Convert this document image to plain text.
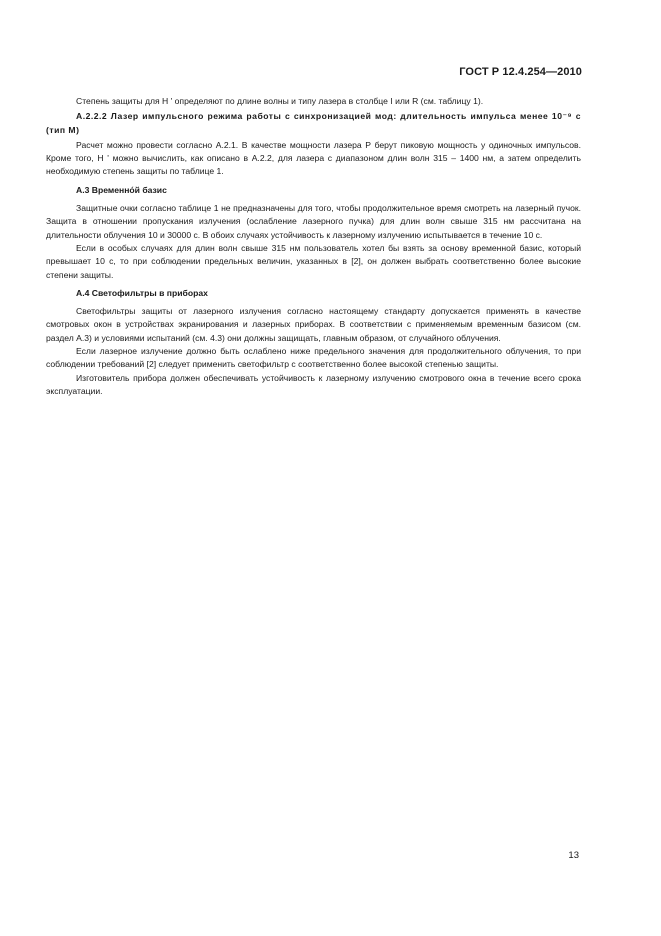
ГОСТ Р 12.4.254—2010

Степень защиты для Н ' определяют по длине волны и типу лазера в столбце I или R (см. таблицу 1).

А.2.2.2 Лазер импульсного режима работы с синхронизацией мод: длительность импульса менее 10⁻⁹ с (тип М)

Расчет можно провести согласно А.2.1. В качестве мощности лазера Р берут пиковую мощность у одиночных импульсов. Кроме того, Н ' можно вычислить, как описано в А.2.2, для лазера с диапазоном длин волн 315 – 1400 нм, а затем определить необходимую степень защиты по таблице 1.

А.3 Временно́й базис

Защитные очки согласно таблице 1 не предназначены для того, чтобы продолжительное время смотреть на лазерный пучок. Защита в отношении пропускания излучения (ослабление лазерного пучка) для длин волн свыше 315 нм рассчитана на длительности облучения 10 и 30000 с. В обоих случаях устойчивость к лазерному излучению испытывается в течение 10 с.

Если в особых случаях для длин волн свыше 315 нм пользователь хотел бы взять за основу временной базис, который превышает 10 с, то при соблюдении предельных величин, указанных в [2], он должен выбрать соответственно более высокие степени защиты.

А.4 Светофильтры в приборах

Светофильтры защиты от лазерного излучения согласно настоящему стандарту допускается применять в качестве смотровых окон в устройствах экранирования и лазерных приборах. В соответствии с применяемым временным базисом (см. раздел А.3) и условиями испытаний (см. 4.3) они должны защищать, главным образом, от случайного облучения.

Если лазерное излучение должно быть ослаблено ниже предельного значения для продолжительного облучения, то при соблюдении требований [2] следует применить светофильтр с соответственно более высокой степенью защиты.

Изготовитель прибора должен обеспечивать устойчивость к лазерному излучению смотрового окна в течение всего срока эксплуатации.

13
